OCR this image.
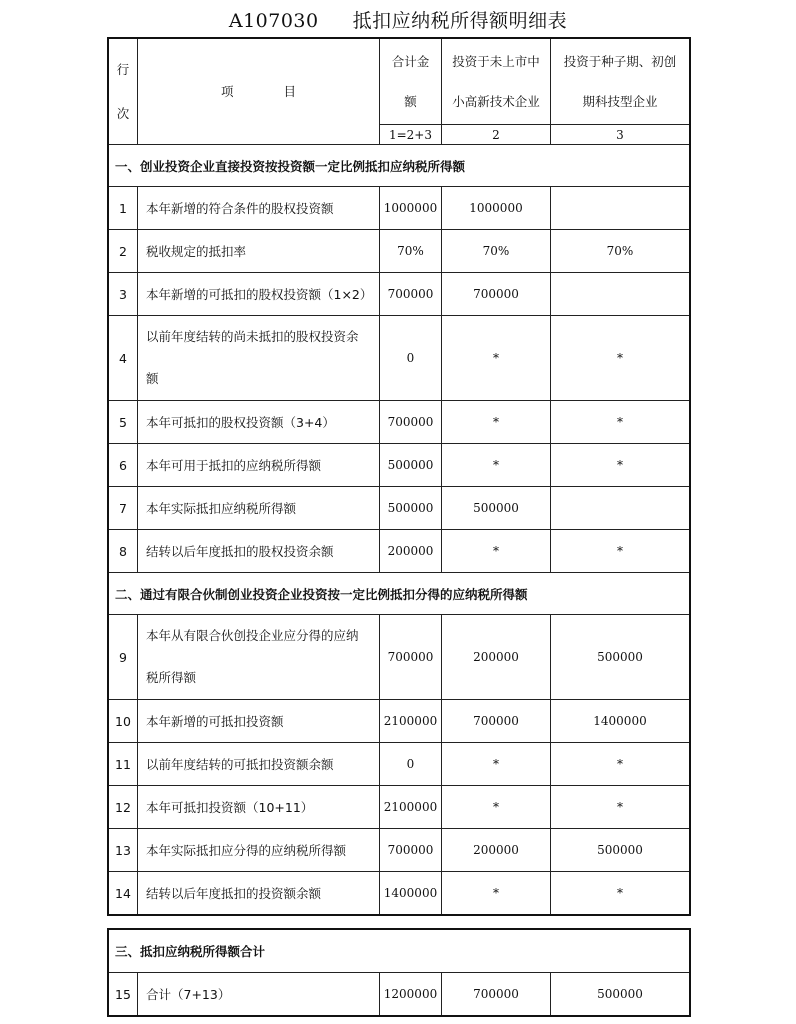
A107030 抵扣应纳税所得额明细表
行
次	项　　　　目	合计金
额	投资于未上市中
小高新技术企业	投资于种子期、初创
期科技型企业

		1=2+3	2	3
一、创业投资企业直接投资按投资额一定比例抵扣应纳税所得额				
1	本年新增的符合条件的股权投资额	1000000	1000000	
2	税收规定的抵扣率	70%	70%	70%
3	本年新增的可抵扣的股权投资额（1×2）	700000	700000	
4	以前年度结转的尚未抵扣的股权投资余
额	0	*	*
5	本年可抵扣的股权投资额（3+4）	700000	*	*
6	本年可用于抵扣的应纳税所得额	500000	*	*
7	本年实际抵扣应纳税所得额	500000	500000	
8	结转以后年度抵扣的股权投资余额	200000	*	*
二、通过有限合伙制创业投资企业投资按一定比例抵扣分得的应纳税所得额				
9	本年从有限合伙创投企业应分得的应纳
税所得额	700000	200000	500000
10	本年新增的可抵扣投资额	2100000	700000	1400000
11	以前年度结转的可抵扣投资额余额	0	*	*
12	本年可抵扣投资额（10+11）	2100000	*	*
13	本年实际抵扣应分得的应纳税所得额	700000	200000	500000
14	结转以后年度抵扣的投资额余额	1400000	*	*
三、抵扣应纳税所得额合计
15	合计（7+13）	1200000	700000	500000
